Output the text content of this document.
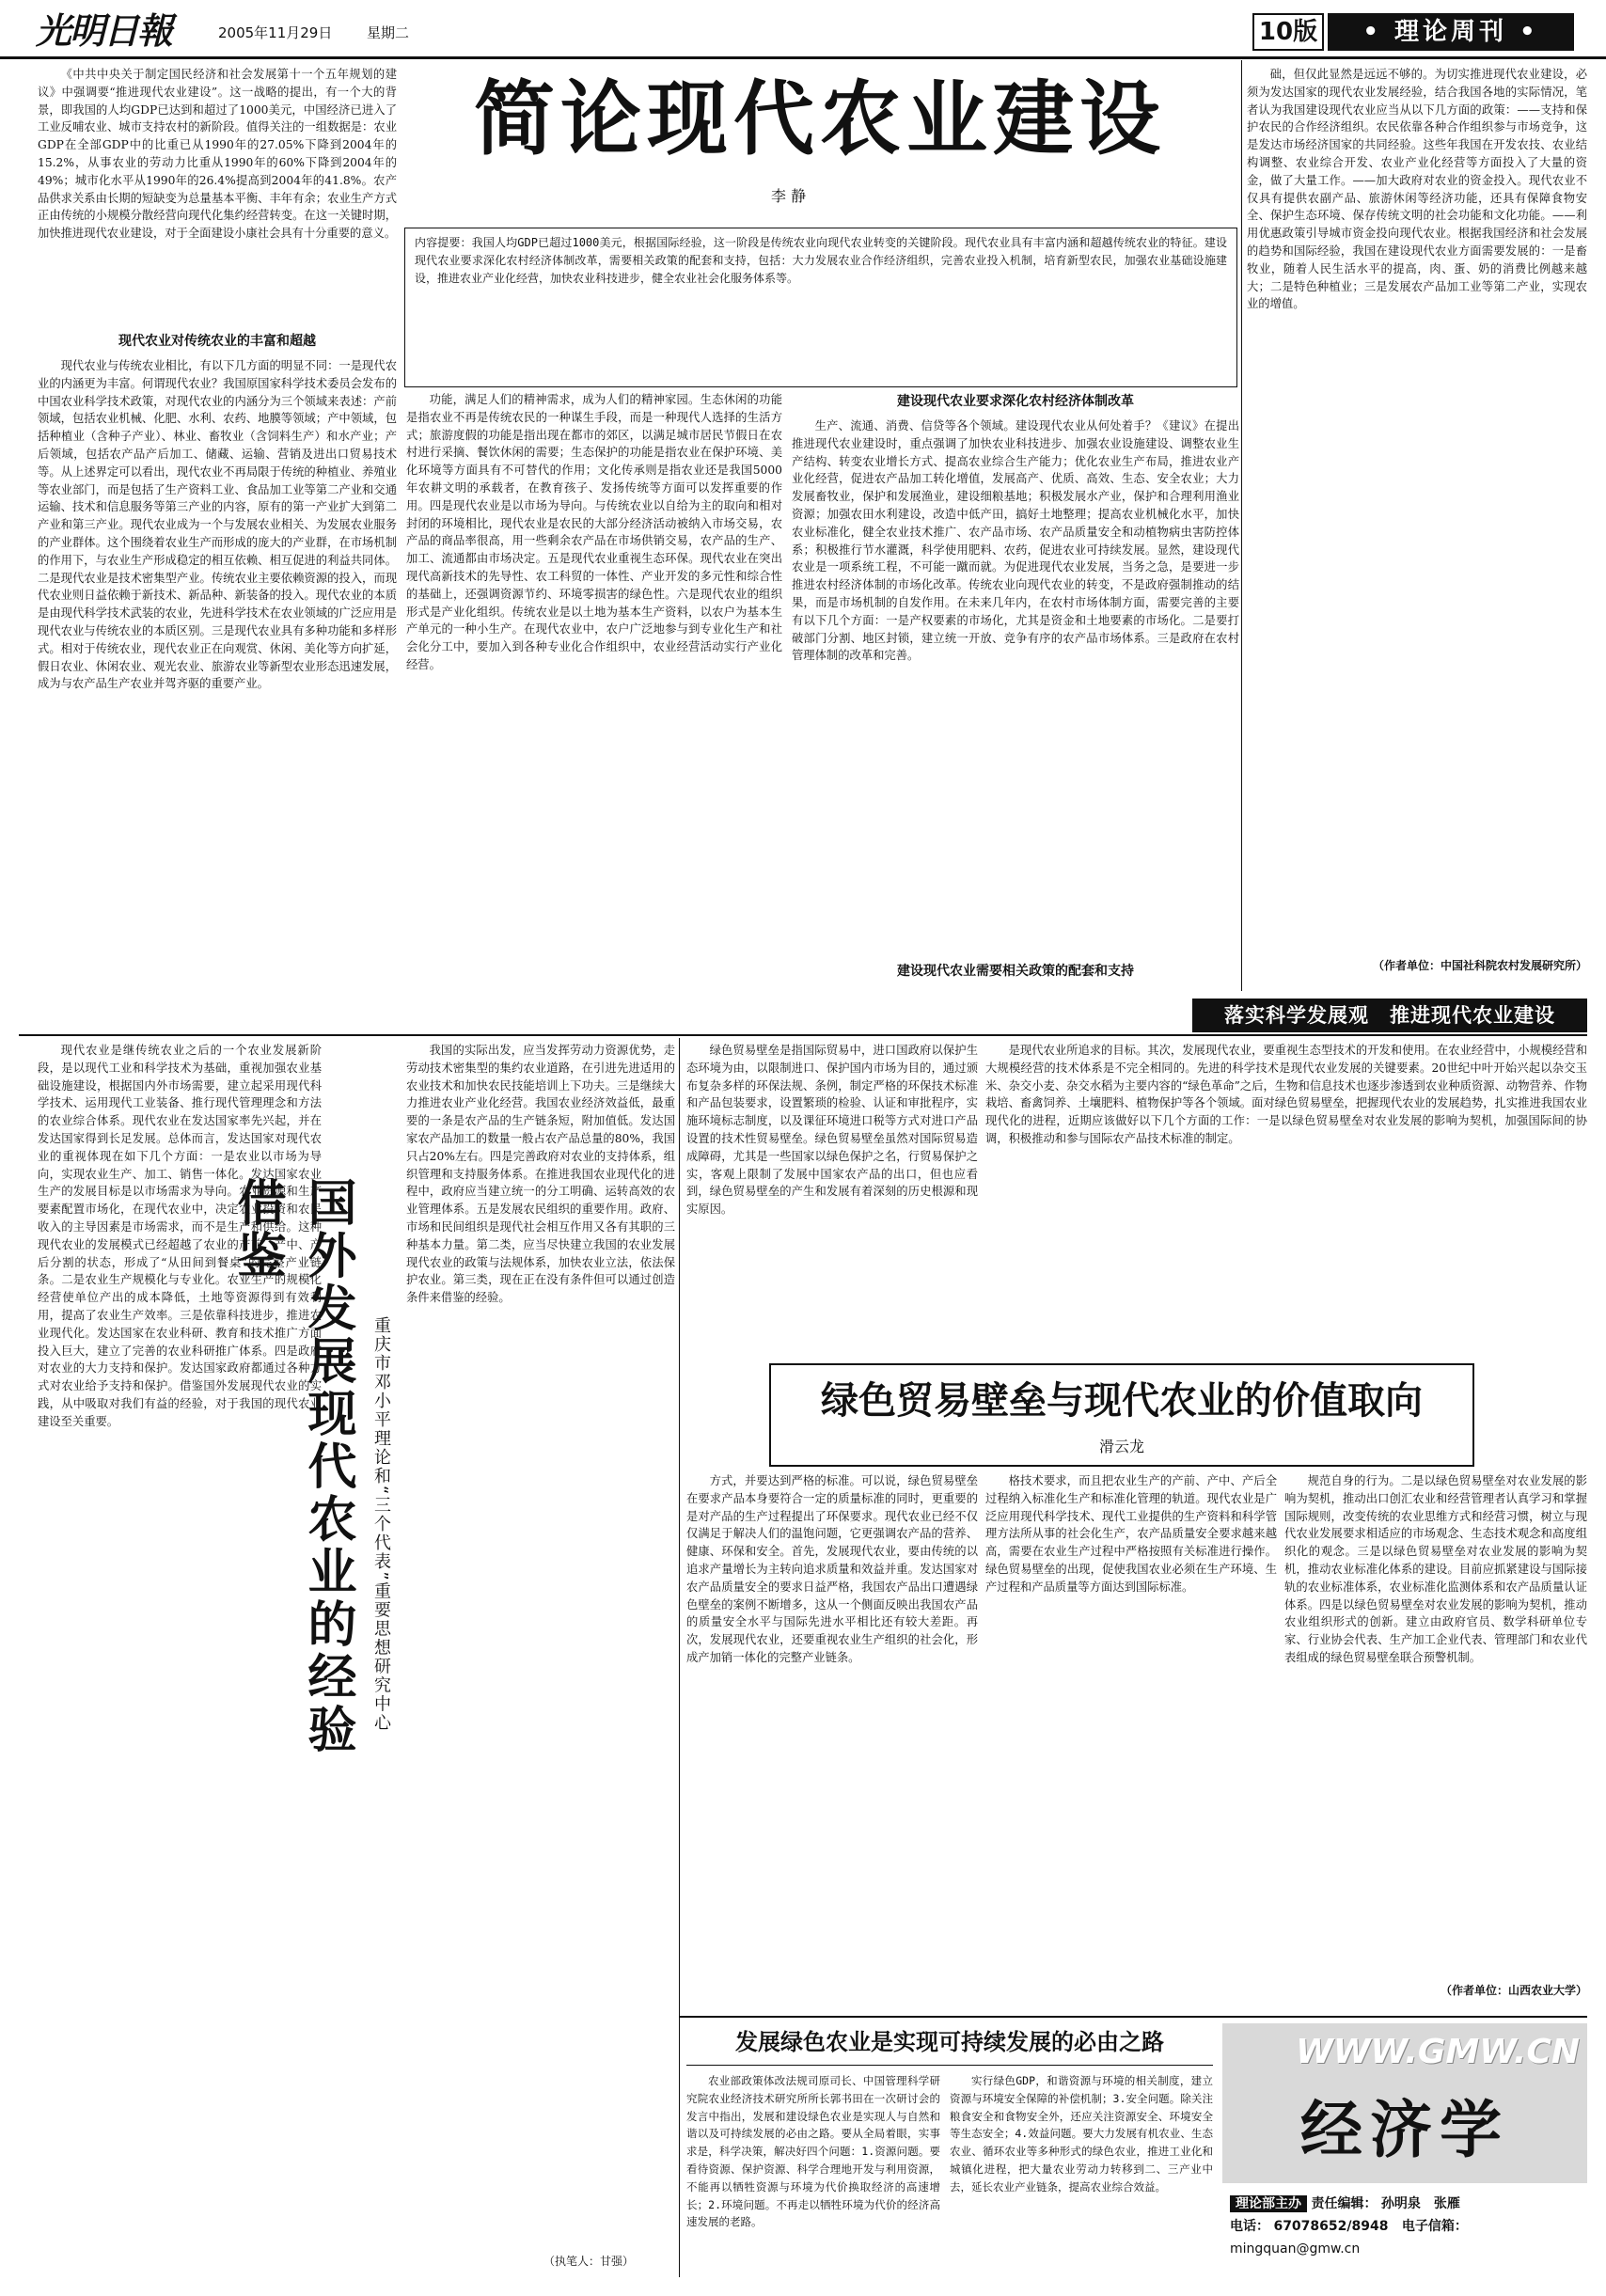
光明日報	2005年11月29日 星期二	10版	• 理论周刊 •
《中共中央关于制定国民经济和社会发展第十一个五年规划的建议》中强调要“推进现代农业建设”。这一战略的提出，有一个大的背景，即我国的人均GDP已达到和超过了1000美元，中国经济已进入了工业反哺农业、城市支持农村的新阶段。值得关注的一组数据是：农业GDP在全部GDP中的比重已从1990年的27.05%下降到2004年的15.2%，从事农业的劳动力比重从1990年的60%下降到2004年的49%；城市化水平从1990年的26.4%提高到2004年的41.8%。农产品供求关系由长期的短缺变为总量基本平衡、丰年有余；农业生产方式正由传统的小规模分散经营向现代化集约经营转变。在这一关键时期，加快推进现代农业建设，对于全面建设小康社会具有十分重要的意义。
简论现代农业建设
李 静

础，但仅此显然是远远不够的。为切实推进现代农业建设，必须为发达国家的现代农业发展经验，结合我国各地的实际情况，笔者认为我国建设现代农业应当从以下几方面的政策：——支持和保护农民的合作经济组织。农民依靠各种合作组织参与市场竞争，这是发达市场经济国家的共同经验。这些年我国在开发农技、农业结构调整、农业综合开发、农业产业化经营等方面投入了大量的资金，做了大量工作。——加大政府对农业的资金投入。现代农业不仅具有提供农副产品、旅游休闲等经济功能，还具有保障食物安全、保护生态环境、保存传统文明的社会功能和文化功能。——利用优惠政策引导城市资金投向现代农业。根据我国经济和社会发展的趋势和国际经验，我国在建设现代农业方面需要发展的：一是畜牧业，随着人民生活水平的提高，肉、蛋、奶的消费比例越来越大；二是特色种植业；三是发展农产品加工业等第二产业，实现农业的增值。

（作者单位：中国社科院农村发展研究所）
内容提要：我国人均GDP已超过1000美元，根据国际经验，这一阶段是传统农业向现代农业转变的关键阶段。现代农业具有丰富内涵和超越传统农业的特征。建设现代农业要求深化农村经济体制改革，需要相关政策的配套和支持，包括：大力发展农业合作经济组织，完善农业投入机制，培育新型农民，加强农业基础设施建设，推进农业产业化经营，加快农业科技进步，健全农业社会化服务体系等。
现代农业对传统农业的丰富和超越

现代农业与传统农业相比，有以下几方面的明显不同：一是现代农业的内涵更为丰富。何谓现代农业？我国原国家科学技术委员会发布的中国农业科学技术政策，对现代农业的内涵分为三个领域来表述：产前领域，包括农业机械、化肥、水利、农药、地膜等领域；产中领域，包括种植业（含种子产业）、林业、畜牧业（含饲料生产）和水产业；产后领域，包括农产品产后加工、储藏、运输、营销及进出口贸易技术等。从上述界定可以看出，现代农业不再局限于传统的种植业、养殖业等农业部门，而是包括了生产资料工业、食品加工业等第二产业和交通运输、技术和信息服务等第三产业的内容，原有的第一产业扩大到第二产业和第三产业。现代农业成为一个与发展农业相关、为发展农业服务的产业群体。这个围绕着农业生产而形成的庞大的产业群，在市场机制的作用下，与农业生产形成稳定的相互依赖、相互促进的利益共同体。二是现代农业是技术密集型产业。传统农业主要依赖资源的投入，而现代农业则日益依赖于新技术、新品种、新装备的投入。现代农业的本质是由现代科学技术武装的农业，先进科学技术在农业领域的广泛应用是现代农业与传统农业的本质区别。三是现代农业具有多种功能和多样形式。相对于传统农业，现代农业正在向观赏、休闲、美化等方向扩延，假日农业、休闲农业、观光农业、旅游农业等新型农业形态迅速发展，成为与农产品生产农业并驾齐驱的重要产业。

功能，满足人们的精神需求，成为人们的精神家园。生态休闲的功能是指农业不再是传统农民的一种谋生手段，而是一种现代人选择的生活方式；旅游度假的功能是指出现在都市的郊区，以满足城市居民节假日在农村进行采摘、餐饮休闲的需要；生态保护的功能是指农业在保护环境、美化环境等方面具有不可替代的作用；文化传承则是指农业还是我国5000年农耕文明的承载者，在教育孩子、发扬传统等方面可以发挥重要的作用。四是现代农业是以市场为导向。与传统农业以自给为主的取向和相对封闭的环境相比，现代农业是农民的大部分经济活动被纳入市场交易，农产品的商品率很高，用一些剩余农产品在市场供销交易，农产品的生产、加工、流通都由市场决定。五是现代农业重视生态环保。现代农业在突出现代高新技术的先导性、农工科贸的一体性、产业开发的多元性和综合性的基础上，还强调资源节约、环境零损害的绿色性。六是现代农业的组织形式是产业化组织。传统农业是以土地为基本生产资料，以农户为基本生产单元的一种小生产。在现代农业中，农户广泛地参与到专业化生产和社会化分工中，要加入到各种专业化合作组织中，农业经营活动实行产业化经营。

建设现代农业要求深化农村经济体制改革

生产、流通、消费、信贷等各个领域。建设现代农业从何处着手？《建议》在提出推进现代农业建设时，重点强调了加快农业科技进步、加强农业设施建设、调整农业生产结构、转变农业增长方式、提高农业综合生产能力；优化农业生产布局，推进农业产业化经营，促进农产品加工转化增值，发展高产、优质、高效、生态、安全农业；大力发展畜牧业，保护和发展渔业，建设细粮基地；积极发展水产业，保护和合理利用渔业资源；加强农田水利建设，改造中低产田，搞好土地整理；提高农业机械化水平，加快农业标准化，健全农业技术推广、农产品市场、农产品质量安全和动植物病虫害防控体系；积极推行节水灌溉，科学使用肥料、农药，促进农业可持续发展。显然，建设现代农业是一项系统工程，不可能一蹴而就。为促进现代农业发展，当务之急，是要进一步推进农村经济体制的市场化改革。传统农业向现代农业的转变，不是政府强制推动的结果，而是市场机制的自发作用。在未来几年内，在农村市场体制方面，需要完善的主要有以下几个方面：一是产权要素的市场化，尤其是资金和土地要素的市场化。二是要打破部门分割、地区封锁，建立统一开放、竞争有序的农产品市场体系。三是政府在农村管理体制的改革和完善。

建设现代农业需要相关政策的配套和支持
落实科学发展观　推进现代农业建设

现代农业是继传统农业之后的一个农业发展新阶段，是以现代工业和科学技术为基础，重视加强农业基础设施建设，根据国内外市场需要，建立起采用现代科学技术、运用现代工业装备、推行现代管理理念和方法的农业综合体系。现代农业在发达国家率先兴起，并在发达国家得到长足发展。总体而言，发达国家对现代农业的重视体现在如下几个方面：一是农业以市场为导向，实现农业生产、加工、销售一体化。发达国家农业生产的发展目标是以市场需求为导向。农业资源和生产要素配置市场化，在现代农业中，决定农业投资和农民收入的主导因素是市场需求，而不是生产和供给。这种现代农业的发展模式已经超越了农业的产前、产中、产后分割的状态，形成了“从田间到餐桌”的完整产业链条。二是农业生产规模化与专业化。农业生产的规模化经营使单位产出的成本降低，土地等资源得到有效利用，提高了农业生产效率。三是依靠科技进步，推进农业现代化。发达国家在农业科研、教育和技术推广方面投入巨大，建立了完善的农业科研推广体系。四是政府对农业的大力支持和保护。发达国家政府都通过各种方式对农业给予支持和保护。借鉴国外发展现代农业的实践，从中吸取对我们有益的经验，对于我国的现代农业建设至关重要。	国外发展现代农业的经验借鉴
重庆市邓小平理论和“三个代表”重要思想研究中心

我国的实际出发，应当发挥劳动力资源优势，走劳动技术密集型的集约农业道路，在引进先进适用的农业技术和加快农民技能培训上下功夫。三是继续大力推进农业产业化经营。我国农业经济效益低，最重要的一条是农产品的生产链条短，附加值低。发达国家农产品加工的数量一般占农产品总量的80%，我国只占20%左右。四是完善政府对农业的支持体系，组织管理和支持服务体系。在推进我国农业现代化的进程中，政府应当建立统一的分工明确、运转高效的农业管理体系。五是发展农民组织的重要作用。政府、市场和民间组织是现代社会相互作用又各有其职的三种基本力量。第二类，应当尽快建立我国的农业发展现代农业的政策与法规体系，加快农业立法，依法保护农业。第三类，现在正在没有条件但可以通过创造条件来借鉴的经验。

（执笔人：甘强）

绿色贸易壁垒是指国际贸易中，进口国政府以保护生态环境为由，以限制进口、保护国内市场为目的，通过颁布复杂多样的环保法规、条例，制定严格的环保技术标准和产品包装要求，设置繁琐的检验、认证和审批程序，实施环境标志制度，以及课征环境进口税等方式对进口产品设置的技术性贸易壁垒。绿色贸易壁垒虽然对国际贸易造成障碍，尤其是一些国家以绿色保护之名，行贸易保护之实，客观上限制了发展中国家农产品的出口，但也应看到，绿色贸易壁垒的产生和发展有着深刻的历史根源和现实原因。

是现代农业所追求的目标。其次，发展现代农业，要重视生态型技术的开发和使用。在农业经营中，小规模经营和大规模经营的技术体系是不完全相同的。先进的科学技术是现代农业发展的关键要素。20世纪中叶开始兴起以杂交玉米、杂交小麦、杂交水稻为主要内容的“绿色革命”之后，生物和信息技术也逐步渗透到农业种质资源、动物营养、作物栽培、畜禽饲养、土壤肥料、植物保护等各个领域。面对绿色贸易壁垒，把握现代农业的发展趋势，扎实推进我国农业现代化的进程，近期应该做好以下几个方面的工作：一是以绿色贸易壁垒对农业发展的影响为契机，加强国际间的协调，积极推动和参与国际农产品技术标准的制定。

绿色贸易壁垒与现代农业的价值取向
滑云龙

方式，并要达到严格的标准。可以说，绿色贸易壁垒在要求产品本身要符合一定的质量标准的同时，更重要的是对产品的生产过程提出了环保要求。现代农业已经不仅仅满足于解决人们的温饱问题，它更强调农产品的营养、健康、环保和安全。首先，发展现代农业，要由传统的以追求产量增长为主转向追求质量和效益并重。发达国家对农产品质量安全的要求日益严格，我国农产品出口遭遇绿色壁垒的案例不断增多，这从一个侧面反映出我国农产品的质量安全水平与国际先进水平相比还有较大差距。再次，发展现代农业，还要重视农业生产组织的社会化，形成产加销一体化的完整产业链条。

格技术要求，而且把农业生产的产前、产中、产后全过程纳入标准化生产和标准化管理的轨道。现代农业是广泛应用现代科学技术、现代工业提供的生产资料和科学管理方法所从事的社会化生产，农产品质量安全要求越来越高，需要在农业生产过程中严格按照有关标准进行操作。绿色贸易壁垒的出现，促使我国农业必须在生产环境、生产过程和产品质量等方面达到国际标准。

规范自身的行为。二是以绿色贸易壁垒对农业发展的影响为契机，推动出口创汇农业和经营管理者认真学习和掌握国际规则，改变传统的农业思维方式和经营习惯，树立与现代农业发展要求相适应的市场观念、生态技术观念和高度组织化的观念。三是以绿色贸易壁垒对农业发展的影响为契机，推动农业标准化体系的建设。目前应抓紧建设与国际接轨的农业标准体系，农业标准化监测体系和农产品质量认证体系。四是以绿色贸易壁垒对农业发展的影响为契机，推动农业组织形式的创新。建立由政府官员、数学科研单位专家、行业协会代表、生产加工企业代表、管理部门和农业代表组成的绿色贸易壁垒联合预警机制。

（作者单位：山西农业大学）
发展绿色农业是实现可持续发展的必由之路

农业部政策体改法规司原司长、中国管理科学研究院农业经济技术研究所所长郭书田在一次研讨会的发言中指出，发展和建设绿色农业是实现人与自然和谐以及可持续发展的必由之路。要从全局着眼，实事求是，科学决策，解决好四个问题：1.资源问题。要看待资源、保护资源、科学合理地开发与利用资源，不能再以牺牲资源与环境为代价换取经济的高速增长；2.环境问题。不再走以牺牲环境为代价的经济高速发展的老路。

实行绿色GDP，和谐资源与环境的相关制度，建立资源与环境安全保障的补偿机制；3.安全问题。除关注粮食安全和食物安全外，还应关注资源安全、环境安全等生态安全；4.效益问题。要大力发展有机农业、生态农业、循环农业等多种形式的绿色农业，推进工业化和城镇化进程，把大量农业劳动力转移到二、三产业中去，延长农业产业链条，提高农业综合效益。

WWW.GMW.CN
经济学
理论部主办 责任编辑： 孙明泉　张雁
电话： 67078652/8948 电子信箱： mingquan@gmw.cn
